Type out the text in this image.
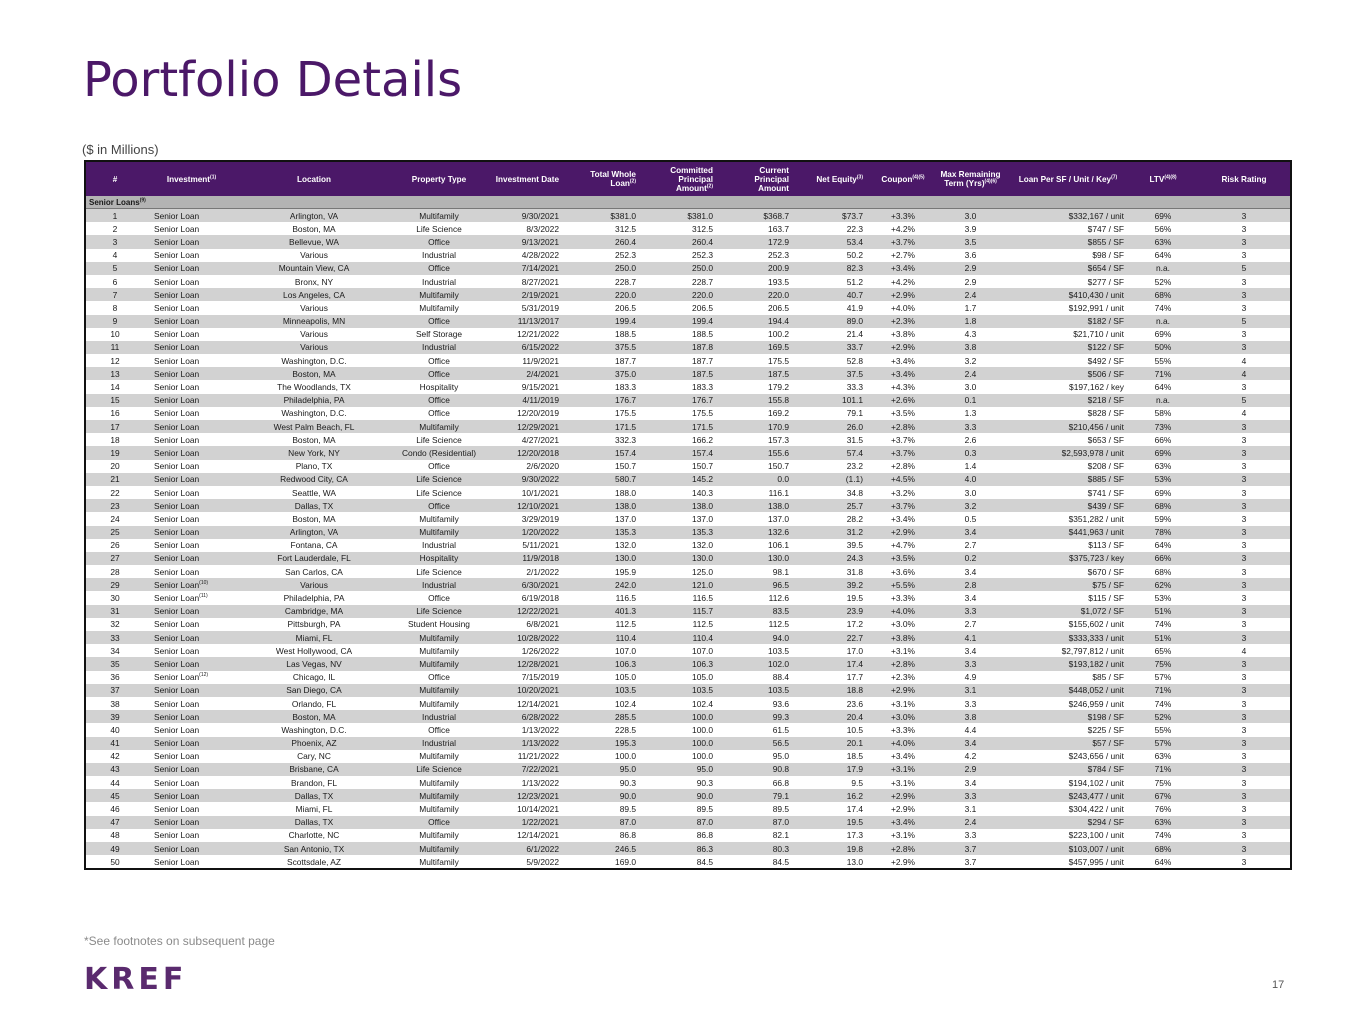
Portfolio Details
($ in Millions)
#	Investment$^{(1)}$	Location	Property Type	Investment Date	Total Whole Loan$^{(2)}$	Committed Principal Amount$^{(2)}$	Current Principal Amount	Net Equity$^{(3)}$	Coupon$^{(4)(5)}$	Max Remaining Term (Yrs)$^{(4)(6)}$	Loan Per SF / Unit / Key$^{(7)}$	$LTV^{(4)(8)}$	Risk Rating
Senior Loans$^{(9)}$
1	Senior Loan	Arlington, VA	Multifamily	9/30/2021	$381.0	$381.0	$368.7	$73.7	+3.3%	3.0	$332,167 / unit	69%	3
2	Senior Loan	Boston, MA	Life Science	8/3/2022	312.5	312.5	163.7	22.3	+4.2%	3.9	$747 / SF	56%	3
3	Senior Loan	Bellevue, WA	Office	9/13/2021	260.4	260.4	172.9	53.4	+3.7%	3.5	$855 / SF	63%	3
4	Senior Loan	Various	Industrial	4/28/2022	252.3	252.3	252.3	50.2	+2.7%	3.6	$98 / SF	64%	3
5	Senior Loan	Mountain View, CA	Office	7/14/2021	250.0	250.0	200.9	82.3	+3.4%	2.9	$654 / SF	n.a.	5
6	Senior Loan	Bronx, NY	Industrial	8/27/2021	228.7	228.7	193.5	51.2	+4.2%	2.9	$277 / SF	52%	3
7	Senior Loan	Los Angeles, CA	Multifamily	2/19/2021	220.0	220.0	220.0	40.7	+2.9%	2.4	$410,430 / unit	68%	3
8	Senior Loan	Various	Multifamily	5/31/2019	206.5	206.5	206.5	41.9	+4.0%	1.7	$192,991 / unit	74%	3
9	Senior Loan	Minneapolis, MN	Office	11/13/2017	199.4	199.4	194.4	89.0	+2.3%	1.8	$182 / SF	n.a.	5
10	Senior Loan	Various	Self Storage	12/21/2022	188.5	188.5	100.2	21.4	+3.8%	4.3	$21,710 / unit	69%	3
11	Senior Loan	Various	Industrial	6/15/2022	375.5	187.8	169.5	33.7	+2.9%	3.8	$122 / SF	50%	3
12	Senior Loan	Washington, D.C.	Office	11/9/2021	187.7	187.7	175.5	52.8	+3.4%	3.2	$492 / SF	55%	4
13	Senior Loan	Boston, MA	Office	2/4/2021	375.0	187.5	187.5	37.5	+3.4%	2.4	$506 / SF	71%	4
14	Senior Loan	The Woodlands, TX	Hospitality	9/15/2021	183.3	183.3	179.2	33.3	+4.3%	3.0	$197,162 / key	64%	3
15	Senior Loan	Philadelphia, PA	Office	4/11/2019	176.7	176.7	155.8	101.1	+2.6%	0.1	$218 / SF	n.a.	5
16	Senior Loan	Washington, D.C.	Office	12/20/2019	175.5	175.5	169.2	79.1	+3.5%	1.3	$828 / SF	58%	4
17	Senior Loan	West Palm Beach, FL	Multifamily	12/29/2021	171.5	171.5	170.9	26.0	+2.8%	3.3	$210,456 / unit	73%	3
18	Senior Loan	Boston, MA	Life Science	4/27/2021	332.3	166.2	157.3	31.5	+3.7%	2.6	$653 / SF	66%	3
19	Senior Loan	New York, NY	Condo (Residential)	12/20/2018	157.4	157.4	155.6	57.4	+3.7%	0.3	$2,593,978 / unit	69%	3
20	Senior Loan	Plano, TX	Office	2/6/2020	150.7	150.7	150.7	23.2	+2.8%	1.4	$208 / SF	63%	3
21	Senior Loan	Redwood City, CA	Life Science	9/30/2022	580.7	145.2	0.0	(1.1)	+4.5%	4.0	$885 / SF	53%	3
22	Senior Loan	Seattle, WA	Life Science	10/1/2021	188.0	140.3	116.1	34.8	+3.2%	3.0	$741 / SF	69%	3
23	Senior Loan	Dallas, TX	Office	12/10/2021	138.0	138.0	138.0	25.7	+3.7%	3.2	$439 / SF	68%	3
24	Senior Loan	Boston, MA	Multifamily	3/29/2019	137.0	137.0	137.0	28.2	+3.4%	0.5	$351,282 / unit	59%	3
25	Senior Loan	Arlington, VA	Multifamily	1/20/2022	135.3	135.3	132.6	31.2	+2.9%	3.4	$441,963 / unit	78%	3
26	Senior Loan	Fontana, CA	Industrial	5/11/2021	132.0	132.0	106.1	39.5	+4.7%	2.7	$113 / SF	64%	3
27	Senior Loan	Fort Lauderdale, FL	Hospitality	11/9/2018	130.0	130.0	130.0	24.3	+3.5%	0.2	$375,723 / key	66%	3
28	Senior Loan	San Carlos, CA	Life Science	2/1/2022	195.9	125.0	98.1	31.8	+3.6%	3.4	$670 / SF	68%	3
29	Senior Loan$^{(10)}$	Various	Industrial	6/30/2021	242.0	121.0	96.5	39.2	+5.5%	2.8	$75 / SF	62%	3
30	Senior Loan$^{(11)}$	Philadelphia, PA	Office	6/19/2018	116.5	116.5	112.6	19.5	+3.3%	3.4	$115 / SF	53%	3
31	Senior Loan	Cambridge, MA	Life Science	12/22/2021	401.3	115.7	83.5	23.9	+4.0%	3.3	$1,072 / SF	51%	3
32	Senior Loan	Pittsburgh, PA	Student Housing	6/8/2021	112.5	112.5	112.5	17.2	+3.0%	2.7	$155,602 / unit	74%	3
33	Senior Loan	Miami, FL	Multifamily	10/28/2022	110.4	110.4	94.0	22.7	+3.8%	4.1	$333,333 / unit	51%	3
34	Senior Loan	West Hollywood, CA	Multifamily	1/26/2022	107.0	107.0	103.5	17.0	+3.1%	3.4	$2,797,812 / unit	65%	4
35	Senior Loan	Las Vegas, NV	Multifamily	12/28/2021	106.3	106.3	102.0	17.4	+2.8%	3.3	$193,182 / unit	75%	3
36	Senior Loan$^{(12)}$	Chicago, IL	Office	7/15/2019	105.0	105.0	88.4	17.7	+2.3%	4.9	$85 / SF	57%	3
37	Senior Loan	San Diego, CA	Multifamily	10/20/2021	103.5	103.5	103.5	18.8	+2.9%	3.1	$448,052 / unit	71%	3
38	Senior Loan	Orlando, FL	Multifamily	12/14/2021	102.4	102.4	93.6	23.6	+3.1%	3.3	$246,959 / unit	74%	3
39	Senior Loan	Boston, MA	Industrial	6/28/2022	285.5	100.0	99.3	20.4	+3.0%	3.8	$198 / SF	52%	3
40	Senior Loan	Washington, D.C.	Office	1/13/2022	228.5	100.0	61.5	10.5	+3.3%	4.4	$225 / SF	55%	3
41	Senior Loan	Phoenix, AZ	Industrial	1/13/2022	195.3	100.0	56.5	20.1	+4.0%	3.4	$57 / SF	57%	3
42	Senior Loan	Cary, NC	Multifamily	11/21/2022	100.0	100.0	95.0	18.5	+3.4%	4.2	$243,656 / unit	63%	3
43	Senior Loan	Brisbane, CA	Life Science	7/22/2021	95.0	95.0	90.8	17.9	+3.1%	2.9	$784 / SF	71%	3
44	Senior Loan	Brandon, FL	Multifamily	1/13/2022	90.3	90.3	66.8	9.5	+3.1%	3.4	$194,102 / unit	75%	3
45	Senior Loan	Dallas, TX	Multifamily	12/23/2021	90.0	90.0	79.1	16.2	+2.9%	3.3	$243,477 / unit	67%	3
46	Senior Loan	Miami, FL	Multifamily	10/14/2021	89.5	89.5	89.5	17.4	+2.9%	3.1	$304,422 / unit	76%	3
47	Senior Loan	Dallas, TX	Office	1/22/2021	87.0	87.0	87.0	19.5	+3.4%	2.4	$294 / SF	63%	3
48	Senior Loan	Charlotte, NC	Multifamily	12/14/2021	86.8	86.8	82.1	17.3	+3.1%	3.3	$223,100 / unit	74%	3
49	Senior Loan	San Antonio, TX	Multifamily	6/1/2022	246.5	86.3	80.3	19.8	+2.8%	3.7	$103,007 / unit	68%	3
50	Senior Loan	Scottsdale, AZ	Multifamily	5/9/2022	169.0	84.5	84.5	13.0	+2.9%	3.7	$457,995 / unit	64%	3
*See footnotes on subsequent page
KREF	17
